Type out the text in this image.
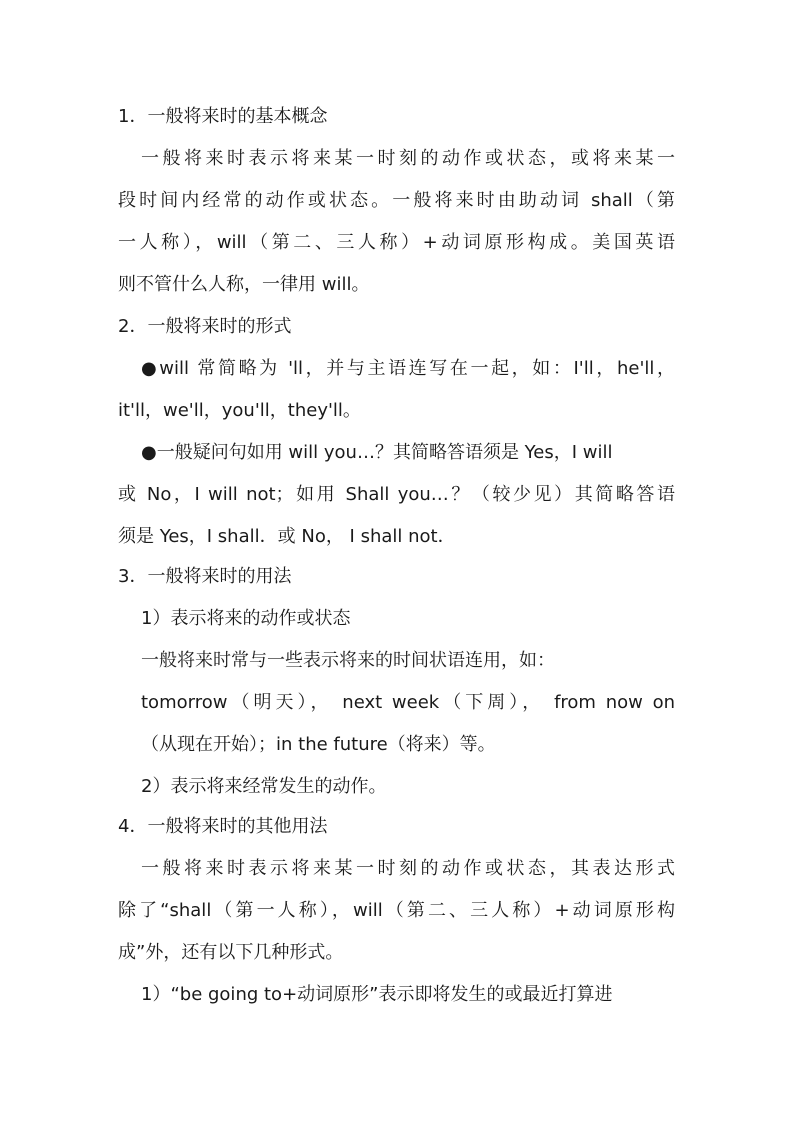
1．一般将来时的基本概念
一般将来时表示将来某一时刻的动作或状态，或将来某一
段时间内经常的动作或状态。一般将来时由助动词 shall（第
一人称），will（第二、三人称）+动词原形构成。美国英语
则不管什么人称，一律用 will。
2．一般将来时的形式
●will 常简略为 'll，并与主语连写在一起，如：I'll，he'll，
it'll，we'll，you'll，they'll。
●一般疑问句如用 will you…？其简略答语须是 Yes，I will
或 No，I will not；如用 Shall you…？（较少见）其简略答语
须是 Yes，I shall．或 No， I shall not．
3．一般将来时的用法
1）表示将来的动作或状态
一般将来时常与一些表示将来的时间状语连用，如：
tomorrow（明天）， next week（下周）， from now on
（从现在开始）；in the future（将来）等。
2）表示将来经常发生的动作。
4．一般将来时的其他用法
一般将来时表示将来某一时刻的动作或状态，其表达形式
除了“shall（第一人称），will（第二、三人称）+动词原形构
成”外，还有以下几种形式。
1）“be going to+动词原形”表示即将发生的或最近打算进
